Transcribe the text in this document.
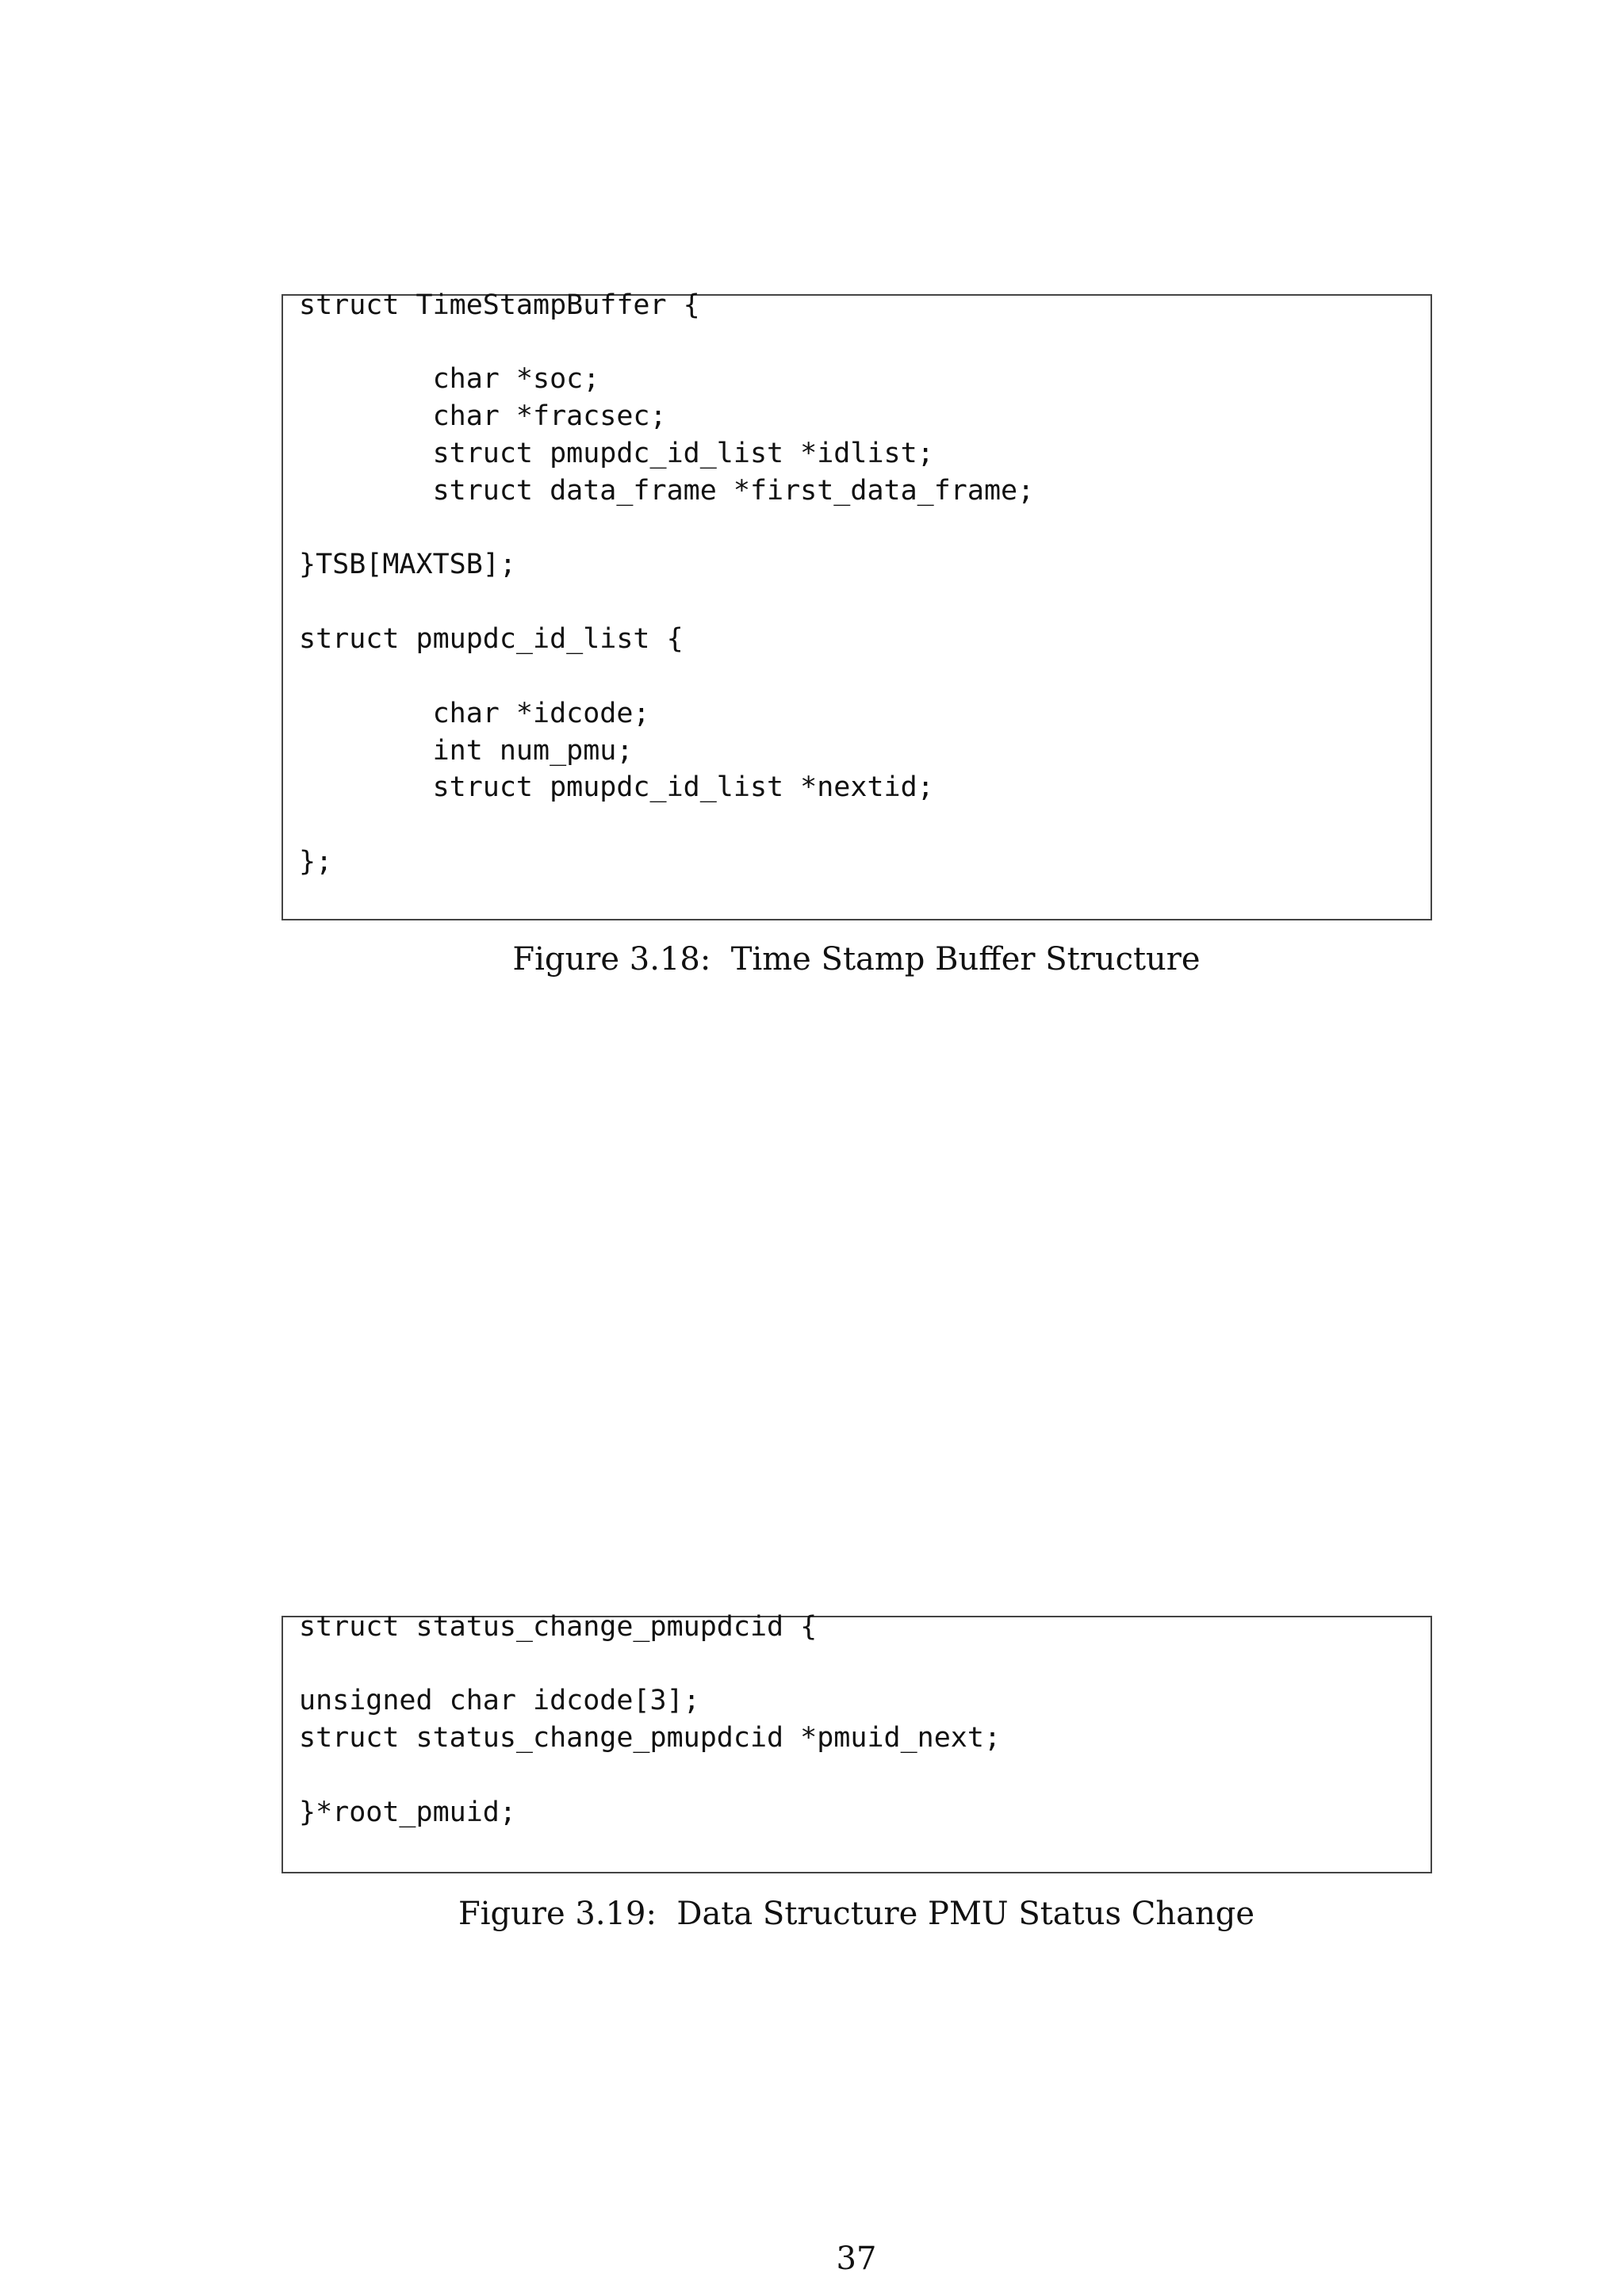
struct TimeStampBuffer {
char *soc;
char *fracsec;
struct pmupdc_id_list *idlist;
struct data_frame *first_data_frame;
}TSB[MAXTSB];
struct pmupdc_id_list {
char *idcode;
int num_pmu;
struct pmupdc_id_list *nextid;
};
Figure 3.18:  Time Stamp Buffer Structure
struct status_change_pmupdcid {
unsigned char idcode[3];
struct status_change_pmupdcid *pmuid_next;
}*root_pmuid;
Figure 3.19:  Data Structure PMU Status Change
37
